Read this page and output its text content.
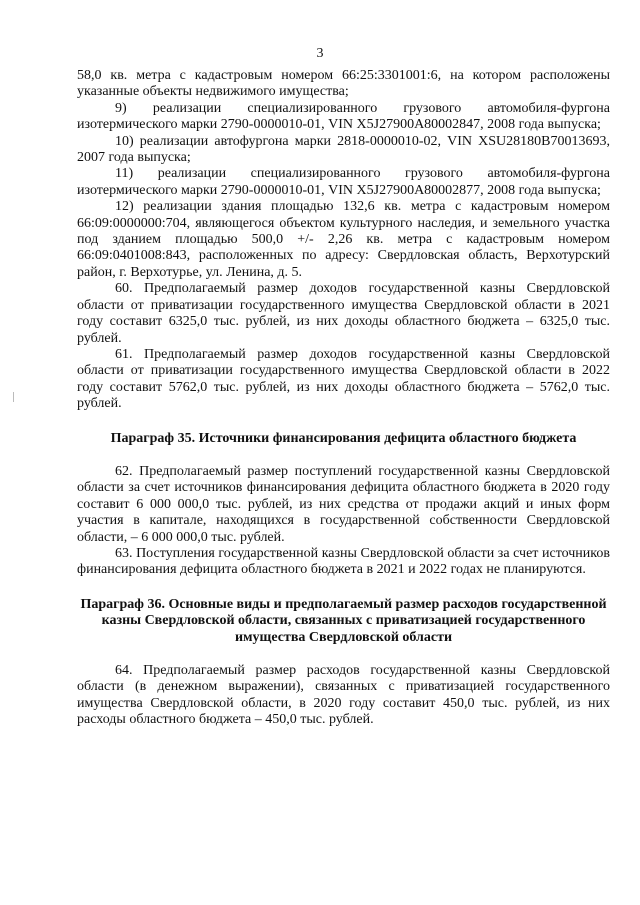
3

58,0 кв. метра с кадастровым номером 66:25:3301001:6, на котором расположены указанные объекты недвижимого имущества;

9) реализации специализированного грузового автомобиля-фургона изотермического марки 2790-0000010-01, VIN X5J27900A80002847, 2008 года выпуска;

10) реализации автофургона марки 2818-0000010-02, VIN XSU28180B70013693, 2007 года выпуска;

11) реализации специализированного грузового автомобиля-фургона изотермического марки 2790-0000010-01, VIN X5J27900A80002877, 2008 года выпуска;

12) реализации здания площадью 132,6 кв. метра с кадастровым номером 66:09:0000000:704, являющегося объектом культурного наследия, и земельного участка под зданием площадью 500,0 +/- 2,26 кв. метра с кадастровым номером 66:09:0401008:843, расположенных по адресу: Свердловская область, Верхотурский район, г. Верхотурье, ул. Ленина, д. 5.

60. Предполагаемый размер доходов государственной казны Свердловской области от приватизации государственного имущества Свердловской области в 2021 году составит 6325,0 тыс. рублей, из них доходы областного бюджета – 6325,0 тыс. рублей.

61. Предполагаемый размер доходов государственной казны Свердловской области от приватизации государственного имущества Свердловской области в 2022 году составит 5762,0 тыс. рублей, из них доходы областного бюджета – 5762,0 тыс. рублей.

Параграф 35. Источники финансирования дефицита областного бюджета

62. Предполагаемый размер поступлений государственной казны Свердловской области за счет источников финансирования дефицита областного бюджета в 2020 году составит 6 000 000,0 тыс. рублей, из них средства от продажи акций и иных форм участия в капитале, находящихся в государственной собственности Свердловской области, – 6 000 000,0 тыс. рублей.

63. Поступления государственной казны Свердловской области за счет источников финансирования дефицита областного бюджета в 2021 и 2022 годах не планируются.

Параграф 36. Основные виды и предполагаемый размер расходов государственной казны Свердловской области, связанных с приватизацией государственного имущества Свердловской области

64. Предполагаемый размер расходов государственной казны Свердловской области (в денежном выражении), связанных с приватизацией государственного имущества Свердловской области, в 2020 году составит 450,0 тыс. рублей, из них расходы областного бюджета – 450,0 тыс. рублей.
